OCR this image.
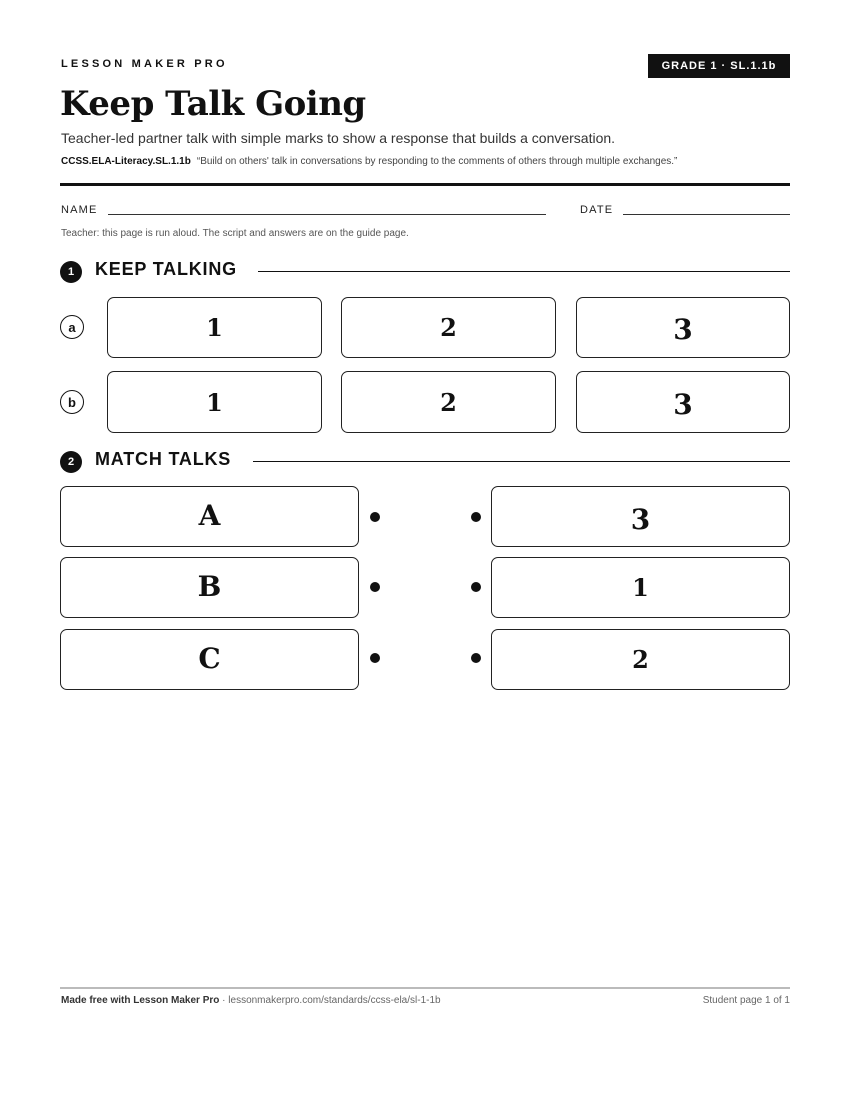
LESSON MAKER PRO	GRADE 1 · SL.1.1b
Keep Talk Going
Teacher-led partner talk with simple marks to show a response that builds a conversation.
CCSS.ELA-Literacy.SL.1.1b “Build on others' talk in conversations by responding to the comments of others through multiple exchanges.”
NAME	DATE
Teacher: this page is run aloud. The script and answers are on the guide page.
1	KEEP TALKING
a	1	2	3
b	1	2	3
2	MATCH TALKS
A	3
B	1
C	2
Made free with Lesson Maker Pro · lessonmakerpro.com/standards/ccss-ela/sl-1-1b	Student page 1 of 1
